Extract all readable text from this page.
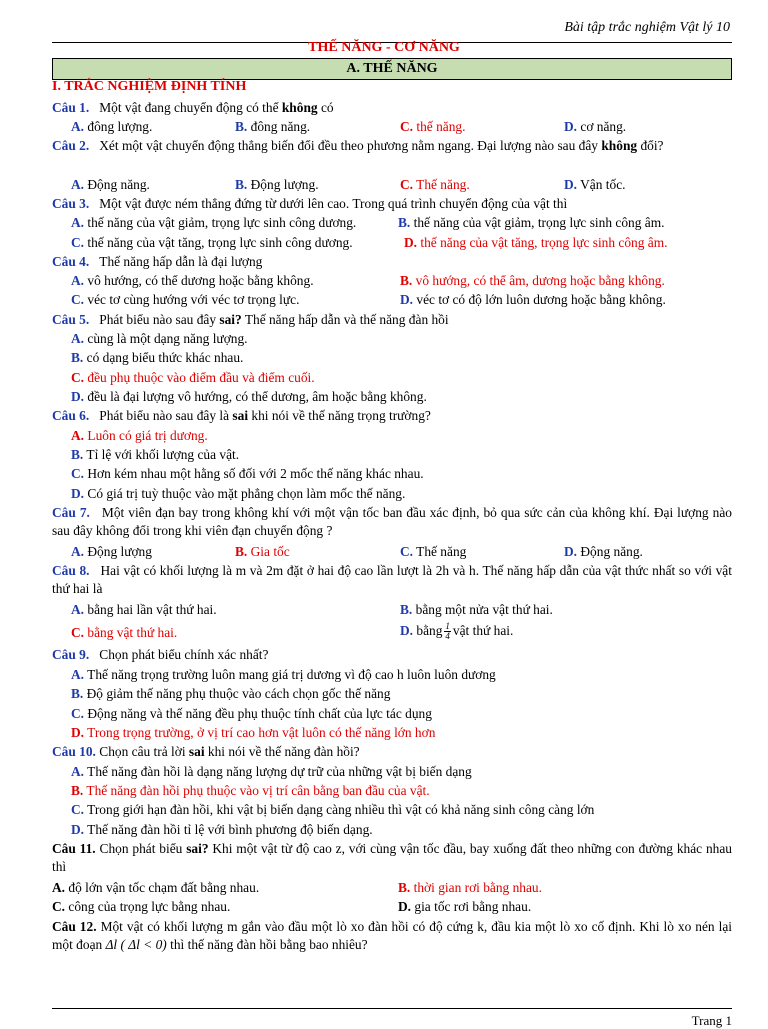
Bài tập trắc nghiệm Vật lý 10
THẾ NĂNG - CƠ NĂNG
A. THẾ NĂNG
I. TRẮC NGHIỆM ĐỊNH TÍNH
Câu 1. Một vật đang chuyển động có thể không có
A. đông lượng.	B. đông năng.	C. thế năng.	D. cơ năng.
Câu 2. Xét một vật chuyển động thẳng biến đổi đều theo phương nằm ngang. Đại lượng nào sau đây không đổi?
A. Động năng.	B. Động lượng.	C. Thế năng.	D. Vận tốc.
Câu 3. Một vật được ném thẳng đứng từ dưới lên cao. Trong quá trình chuyển động của vật thì
A. thế năng của vật giảm, trọng lực sinh công dương.	B. thế năng của vật giảm, trọng lực sinh công âm.
C. thế năng của vật tăng, trọng lực sinh công dương.	D. thế năng của vật tăng, trọng lực sinh công âm.
Câu 4. Thế năng hấp dẫn là đại lượng
A. vô hướng, có thể dương hoặc bằng không.	B. vô hướng, có thể âm, dương hoặc bằng không.
C. véc tơ cùng hướng với véc tơ trọng lực.	D. véc tơ có độ lớn luôn dương hoặc bằng không.
Câu 5. Phát biểu nào sau đây sai? Thế năng hấp dẫn và thế năng đàn hồi
A. cùng là một dạng năng lượng.
B. có dạng biểu thức khác nhau.
C. đều phụ thuộc vào điểm đầu và điểm cuối.
D. đều là đại lượng vô hướng, có thể dương, âm hoặc bằng không.
Câu 6. Phát biểu nào sau đây là sai khi nói về thế năng trọng trường?
A. Luôn có giá trị dương.
B. Tỉ lệ với khối lượng của vật.
C. Hơn kém nhau một hằng số đối với 2 mốc thế năng khác nhau.
D. Có giá trị tuỳ thuộc vào mặt phẳng chọn làm mốc thế năng.
Câu 7. Một viên đạn bay trong không khí với một vận tốc ban đầu xác định, bỏ qua sức cản của không khí. Đại lượng nào sau đây không đổi trong khi viên đạn chuyển động ?
A. Động lượng	B. Gia tốc	C. Thế năng	D. Động năng.
Câu 8. Hai vật có khối lượng là m và 2m đặt ở hai độ cao lần lượt là 2h và h. Thế năng hấp dẫn của vật thức nhất so với vật thứ hai là
A. bằng hai lần vật thứ hai.	B. bằng một nửa vật thứ hai.
C. bằng vật thứ hai.	D. bằng $\frac{1}{4}$ vật thứ hai.
Câu 9. Chọn phát biểu chính xác nhất?
A. Thế năng trọng trường luôn mang giá trị dương vì độ cao h luôn luôn dương
B. Độ giảm thế năng phụ thuộc vào cách chọn gốc thế năng
C. Động năng và thế năng đều phụ thuộc tính chất của lực tác dụng
D. Trong trọng trường, ở vị trí cao hơn vật luôn có thế năng lớn hơn
Câu 10. Chọn câu trả lời sai khi nói về thế năng đàn hồi?
A. Thế năng đàn hồi là dạng năng lượng dự trữ của những vật bị biến dạng
B. Thế năng đàn hồi phụ thuộc vào vị trí cân bằng ban đầu của vật.
C. Trong giới hạn đàn hồi, khi vật bị biến dạng càng nhiều thì vật có khả năng sinh công càng lớn
D. Thế năng đàn hồi tỉ lệ với bình phương độ biến dạng.
Câu 11. Chọn phát biểu sai? Khi một vật từ độ cao z, với cùng vận tốc đầu, bay xuống đất theo những con đường khác nhau thì
A. độ lớn vận tốc chạm đất bằng nhau.	B. thời gian rơi bằng nhau.
C. công của trọng lực bằng nhau.	D. gia tốc rơi bằng nhau.
Câu 12. Một vật có khối lượng m gắn vào đầu một lò xo đàn hồi có độ cứng k, đầu kia một lò xo cố định. Khi lò xo nén lại một đoạn Δl ( Δl < 0) thì thế năng đàn hồi bằng bao nhiêu?
Trang 1
